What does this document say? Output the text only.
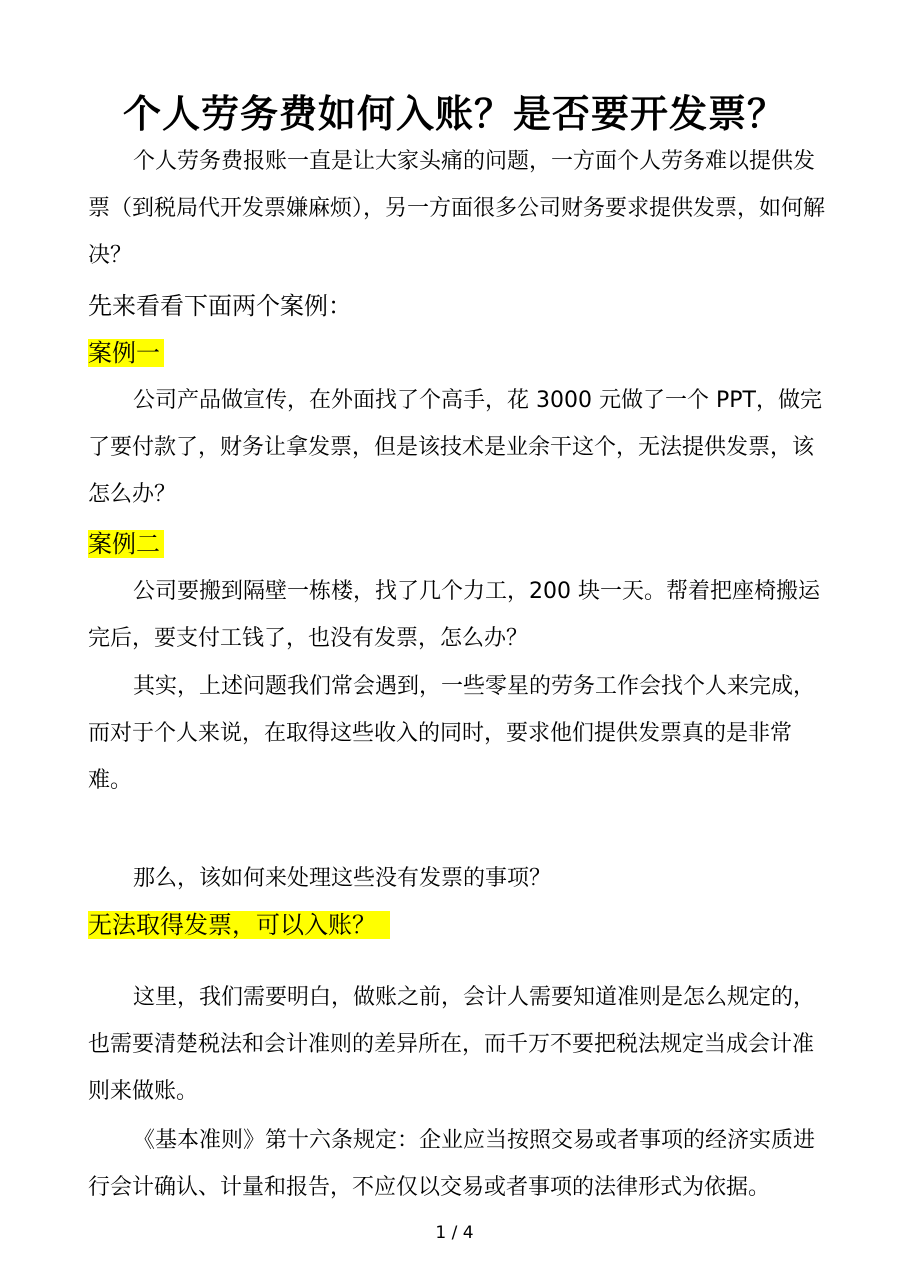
个人劳务费如何入账？是否要开发票？
个人劳务费报账一直是让大家头痛的问题，一方面个人劳务难以提供发票（到税局代开发票嫌麻烦），另一方面很多公司财务要求提供发票，如何解决？
先来看看下面两个案例：
案例一
公司产品做宣传，在外面找了个高手，花 3000 元做了一个 PPT，做完了要付款了，财务让拿发票，但是该技术是业余干这个，无法提供发票，该怎么办？
案例二
公司要搬到隔壁一栋楼，找了几个力工，200 块一天。帮着把座椅搬运完后，要支付工钱了，也没有发票，怎么办？
其实，上述问题我们常会遇到，一些零星的劳务工作会找个人来完成，而对于个人来说，在取得这些收入的同时，要求他们提供发票真的是非常难。
那么，该如何来处理这些没有发票的事项？
无法取得发票，可以入账？
这里，我们需要明白，做账之前，会计人需要知道准则是怎么规定的，也需要清楚税法和会计准则的差异所在，而千万不要把税法规定当成会计准则来做账。
《基本准则》第十六条规定：企业应当按照交易或者事项的经济实质进行会计确认、计量和报告，不应仅以交易或者事项的法律形式为依据。
1 / 4
